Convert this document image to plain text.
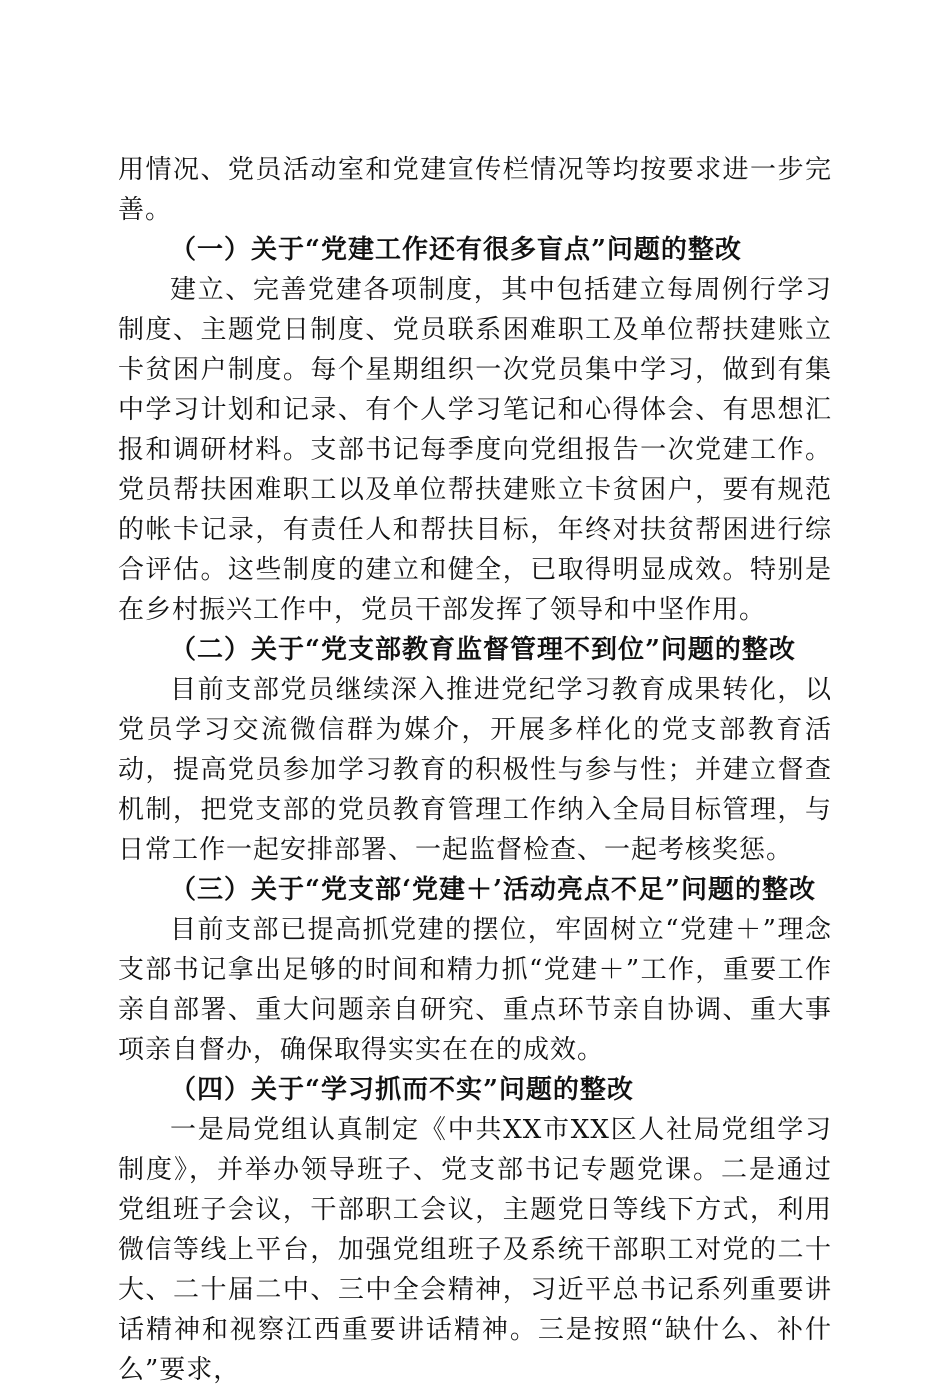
用情况、党员活动室和党建宣传栏情况等均按要求进一步完善。

（一）关于“党建工作还有很多盲点”问题的整改

建立、完善党建各项制度，其中包括建立每周例行学习制度、主题党日制度、党员联系困难职工及单位帮扶建账立卡贫困户制度。每个星期组织一次党员集中学习，做到有集中学习计划和记录、有个人学习笔记和心得体会、有思想汇报和调研材料。支部书记每季度向党组报告一次党建工作。党员帮扶困难职工以及单位帮扶建账立卡贫困户，要有规范的帐卡记录，有责任人和帮扶目标，年终对扶贫帮困进行综合评估。这些制度的建立和健全，已取得明显成效。特别是在乡村振兴工作中，党员干部发挥了领导和中坚作用。

（二）关于“党支部教育监督管理不到位”问题的整改

目前支部党员继续深入推进党纪学习教育成果转化，以党员学习交流微信群为媒介，开展多样化的党支部教育活动，提高党员参加学习教育的积极性与参与性；并建立督查机制，把党支部的党员教育管理工作纳入全局目标管理，与日常工作一起安排部署、一起监督检查、一起考核奖惩。

（三）关于“党支部‘党建＋’活动亮点不足”问题的整改

目前支部已提高抓党建的摆位，牢固树立“党建＋”理念支部书记拿出足够的时间和精力抓“党建＋”工作，重要工作亲自部署、重大问题亲自研究、重点环节亲自协调、重大事项亲自督办，确保取得实实在在的成效。

（四）关于“学习抓而不实”问题的整改

一是局党组认真制定《中共XX市XX区人社局党组学习制度》，并举办领导班子、党支部书记专题党课。二是通过党组班子会议，干部职工会议，主题党日等线下方式，利用微信等线上平台，加强党组班子及系统干部职工对党的二十大、二十届二中、三中全会精神，习近平总书记系列重要讲话精神和视察江西重要讲话精神。三是按照“缺什么、补什么”要求，
